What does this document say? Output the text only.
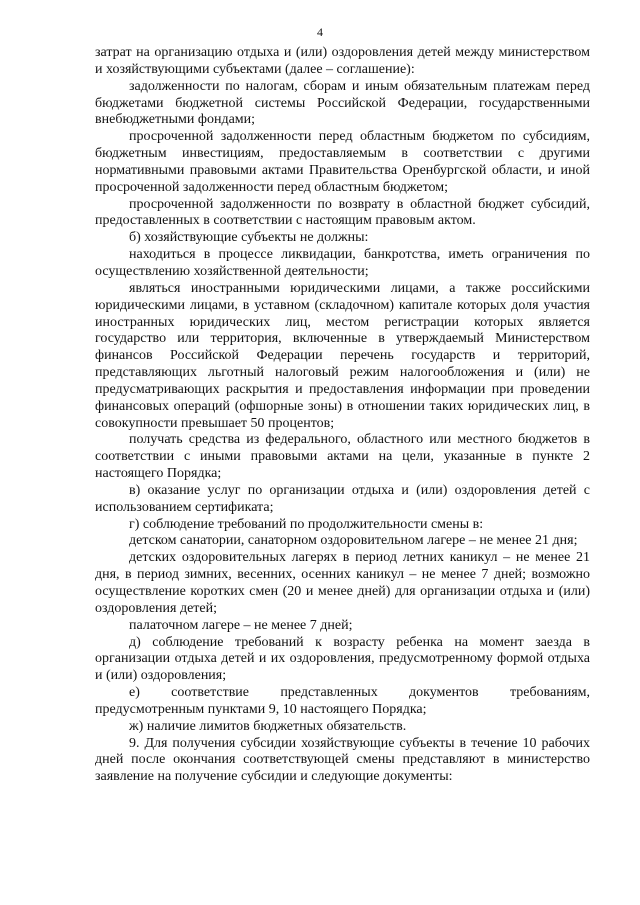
4

затрат на организацию отдыха и (или) оздоровления детей между министерством и хозяйствующими субъектами (далее – соглашение):

задолженности по налогам, сборам и иным обязательным платежам перед бюджетами бюджетной системы Российской Федерации, государственными внебюджетными фондами;

просроченной задолженности перед областным бюджетом по субсидиям, бюджетным инвестициям, предоставляемым в соответствии с другими нормативными правовыми актами Правительства Оренбургской области, и иной просроченной задолженности перед областным бюджетом;

просроченной задолженности по возврату в областной бюджет субсидий, предоставленных в соответствии с настоящим правовым актом.

б) хозяйствующие субъекты не должны:

находиться в процессе ликвидации, банкротства, иметь ограничения по осуществлению хозяйственной деятельности;

являться иностранными юридическими лицами, а также российскими юридическими лицами, в уставном (складочном) капитале которых доля участия иностранных юридических лиц, местом регистрации которых является государство или территория, включенные в утверждаемый Министерством финансов Российской Федерации перечень государств и территорий, представляющих льготный налоговый режим налогообложения и (или) не предусматривающих раскрытия и предоставления информации при проведении финансовых операций (офшорные зоны) в отношении таких юридических лиц, в совокупности превышает 50 процентов;

получать средства из федерального, областного или местного бюджетов в соответствии с иными правовыми актами на цели, указанные в пункте 2 настоящего Порядка;

в) оказание услуг по организации отдыха и (или) оздоровления детей с использованием сертификата;

г) соблюдение требований по продолжительности смены в:

детском санатории, санаторном оздоровительном лагере – не менее 21 дня;

детских оздоровительных лагерях в период летних каникул – не менее 21 дня, в период зимних, весенних, осенних каникул – не менее 7 дней; возможно осуществление коротких смен (20 и менее дней) для организации отдыха и (или) оздоровления детей;

палаточном лагере – не менее 7 дней;

д) соблюдение требований к возрасту ребенка на момент заезда в организации отдыха детей и их оздоровления, предусмотренному формой отдыха и (или) оздоровления;

е) соответствие представленных документов требованиям, предусмотренным пунктами 9, 10 настоящего Порядка;

ж) наличие лимитов бюджетных обязательств.

9. Для получения субсидии хозяйствующие субъекты в течение 10 рабочих дней после окончания соответствующей смены представляют в министерство заявление на получение субсидии и следующие документы:
